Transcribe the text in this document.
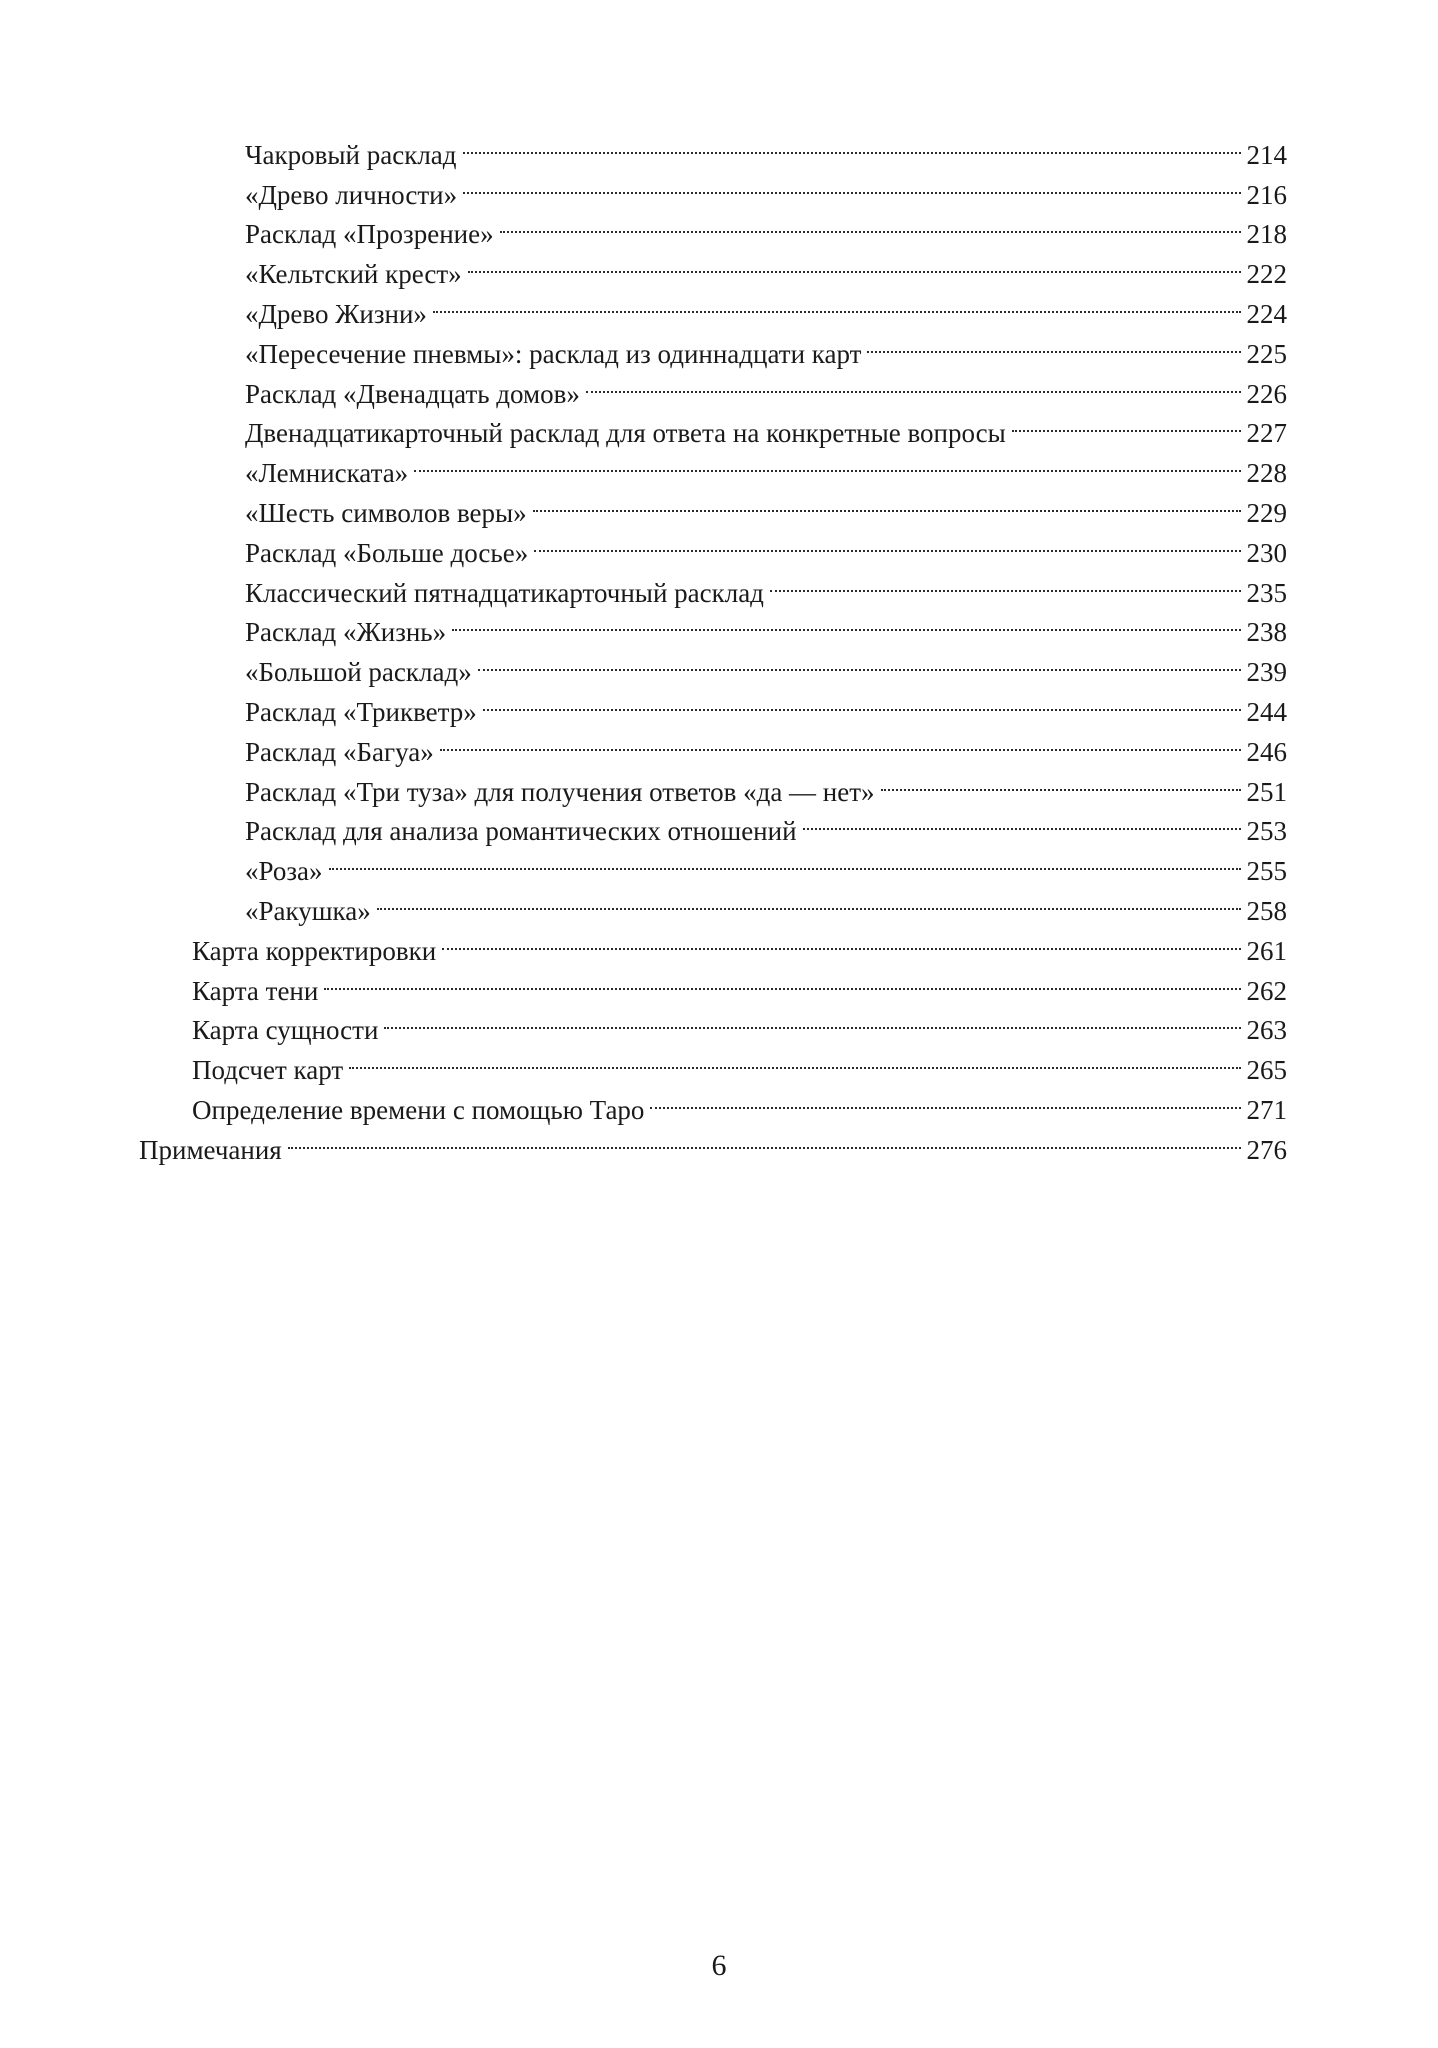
Чакровый расклад	214
«Древо личности»	216
Расклад «Прозрение»	218
«Кельтский крест»	222
«Древо Жизни»	224
«Пересечение пневмы»: расклад из одиннадцати карт	225
Расклад «Двенадцать домов»	226
Двенадцатикарточный расклад для ответа на конкретные вопросы	227
«Лемниската»	228
«Шесть символов веры»	229
Расклад «Больше досье»	230
Классический пятнадцатикарточный расклад	235
Расклад «Жизнь»	238
«Большой расклад»	239
Расклад «Трикветр»	244
Расклад «Багуа»	246
Расклад «Три туза» для получения ответов «да — нет»	251
Расклад для анализа романтических отношений	253
«Роза»	255
«Ракушка»	258
Карта корректировки	261
Карта тени	262
Карта сущности	263
Подсчет карт	265
Определение времени с помощью Таро	271
Примечания	276
6
